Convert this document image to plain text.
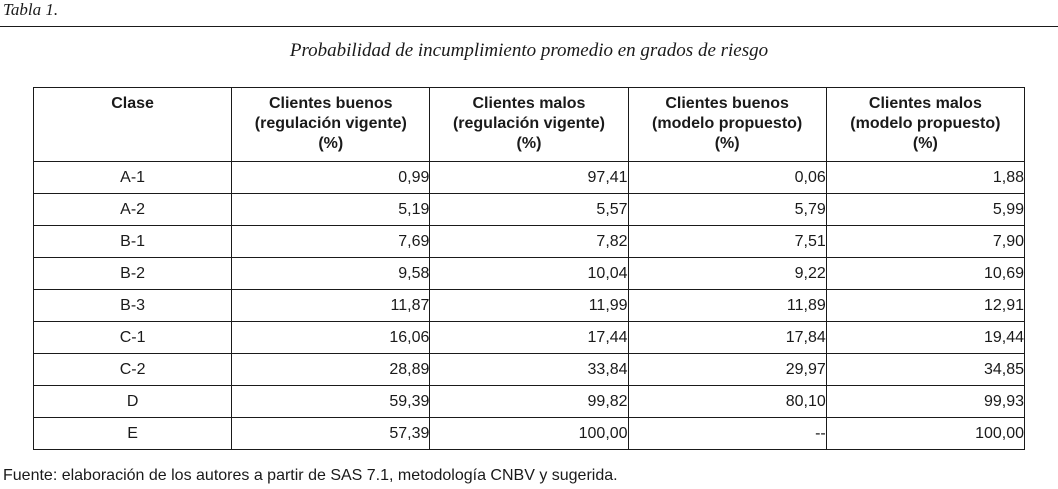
Tabla 1.
Probabilidad de incumplimiento promedio en grados de riesgo
Clase	Clientes buenos
(regulación vigente)
(%)	Clientes malos
(regulación vigente)
(%)	Clientes buenos
(modelo propuesto)
(%)	Clientes malos
(modelo propuesto)
(%)

A-1	0,99	97,41	0,06	1,88
A-2	5,19	5,57	5,79	5,99
B-1	7,69	7,82	7,51	7,90
B-2	9,58	10,04	9,22	10,69
B-3	11,87	11,99	11,89	12,91
C-1	16,06	17,44	17,84	19,44
C-2	28,89	33,84	29,97	34,85
D	59,39	99,82	80,10	99,93
E	57,39	100,00	--	100,00
Fuente: elaboración de los autores a partir de SAS 7.1, metodología CNBV y sugerida.
